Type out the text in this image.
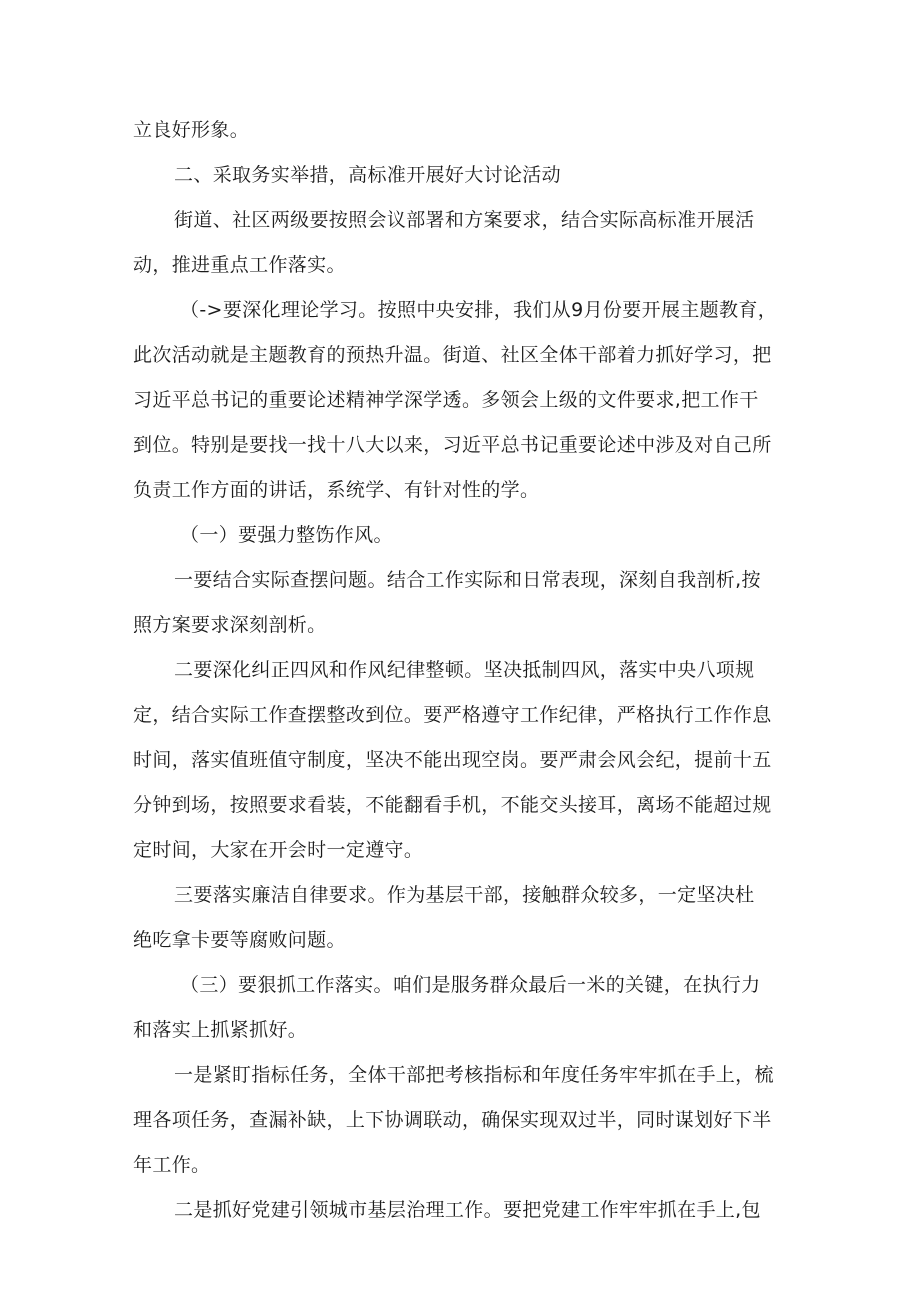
立良好形象。
二、采取务实举措，高标准开展好大讨论活动
街道、社区两级要按照会议部署和方案要求，结合实际高标准开展活
动，推进重点工作落实。
（->要深化理论学习。按照中央安排，我们从9月份要开展主题教育，
此次活动就是主题教育的预热升温。街道、社区全体干部着力抓好学习，把
习近平总书记的重要论述精神学深学透。多领会上级的文件要求,把工作干
到位。特别是要找一找十八大以来，习近平总书记重要论述中涉及对自己所
负责工作方面的讲话，系统学、有针对性的学。
（一）要强力整饬作风。
一要结合实际查摆问题。结合工作实际和日常表现，深刻自我剖析,按
照方案要求深刻剖析。
二要深化纠正四风和作风纪律整顿。坚决抵制四风，落实中央八项规
定，结合实际工作查摆整改到位。要严格遵守工作纪律，严格执行工作作息
时间，落实值班值守制度，坚决不能出现空岗。要严肃会风会纪，提前十五
分钟到场，按照要求看装，不能翻看手机，不能交头接耳，离场不能超过规
定时间，大家在开会时一定遵守。
三要落实廉洁自律要求。作为基层干部，接触群众较多，一定坚决杜
绝吃拿卡要等腐败问题。
（三）要狠抓工作落实。咱们是服务群众最后一米的关键，在执行力
和落实上抓紧抓好。
一是紧盯指标任务，全体干部把考核指标和年度任务牢牢抓在手上，梳
理各项任务，查漏补缺，上下协调联动，确保实现双过半，同时谋划好下半
年工作。
二是抓好党建引领城市基层治理工作。要把党建工作牢牢抓在手上,包
